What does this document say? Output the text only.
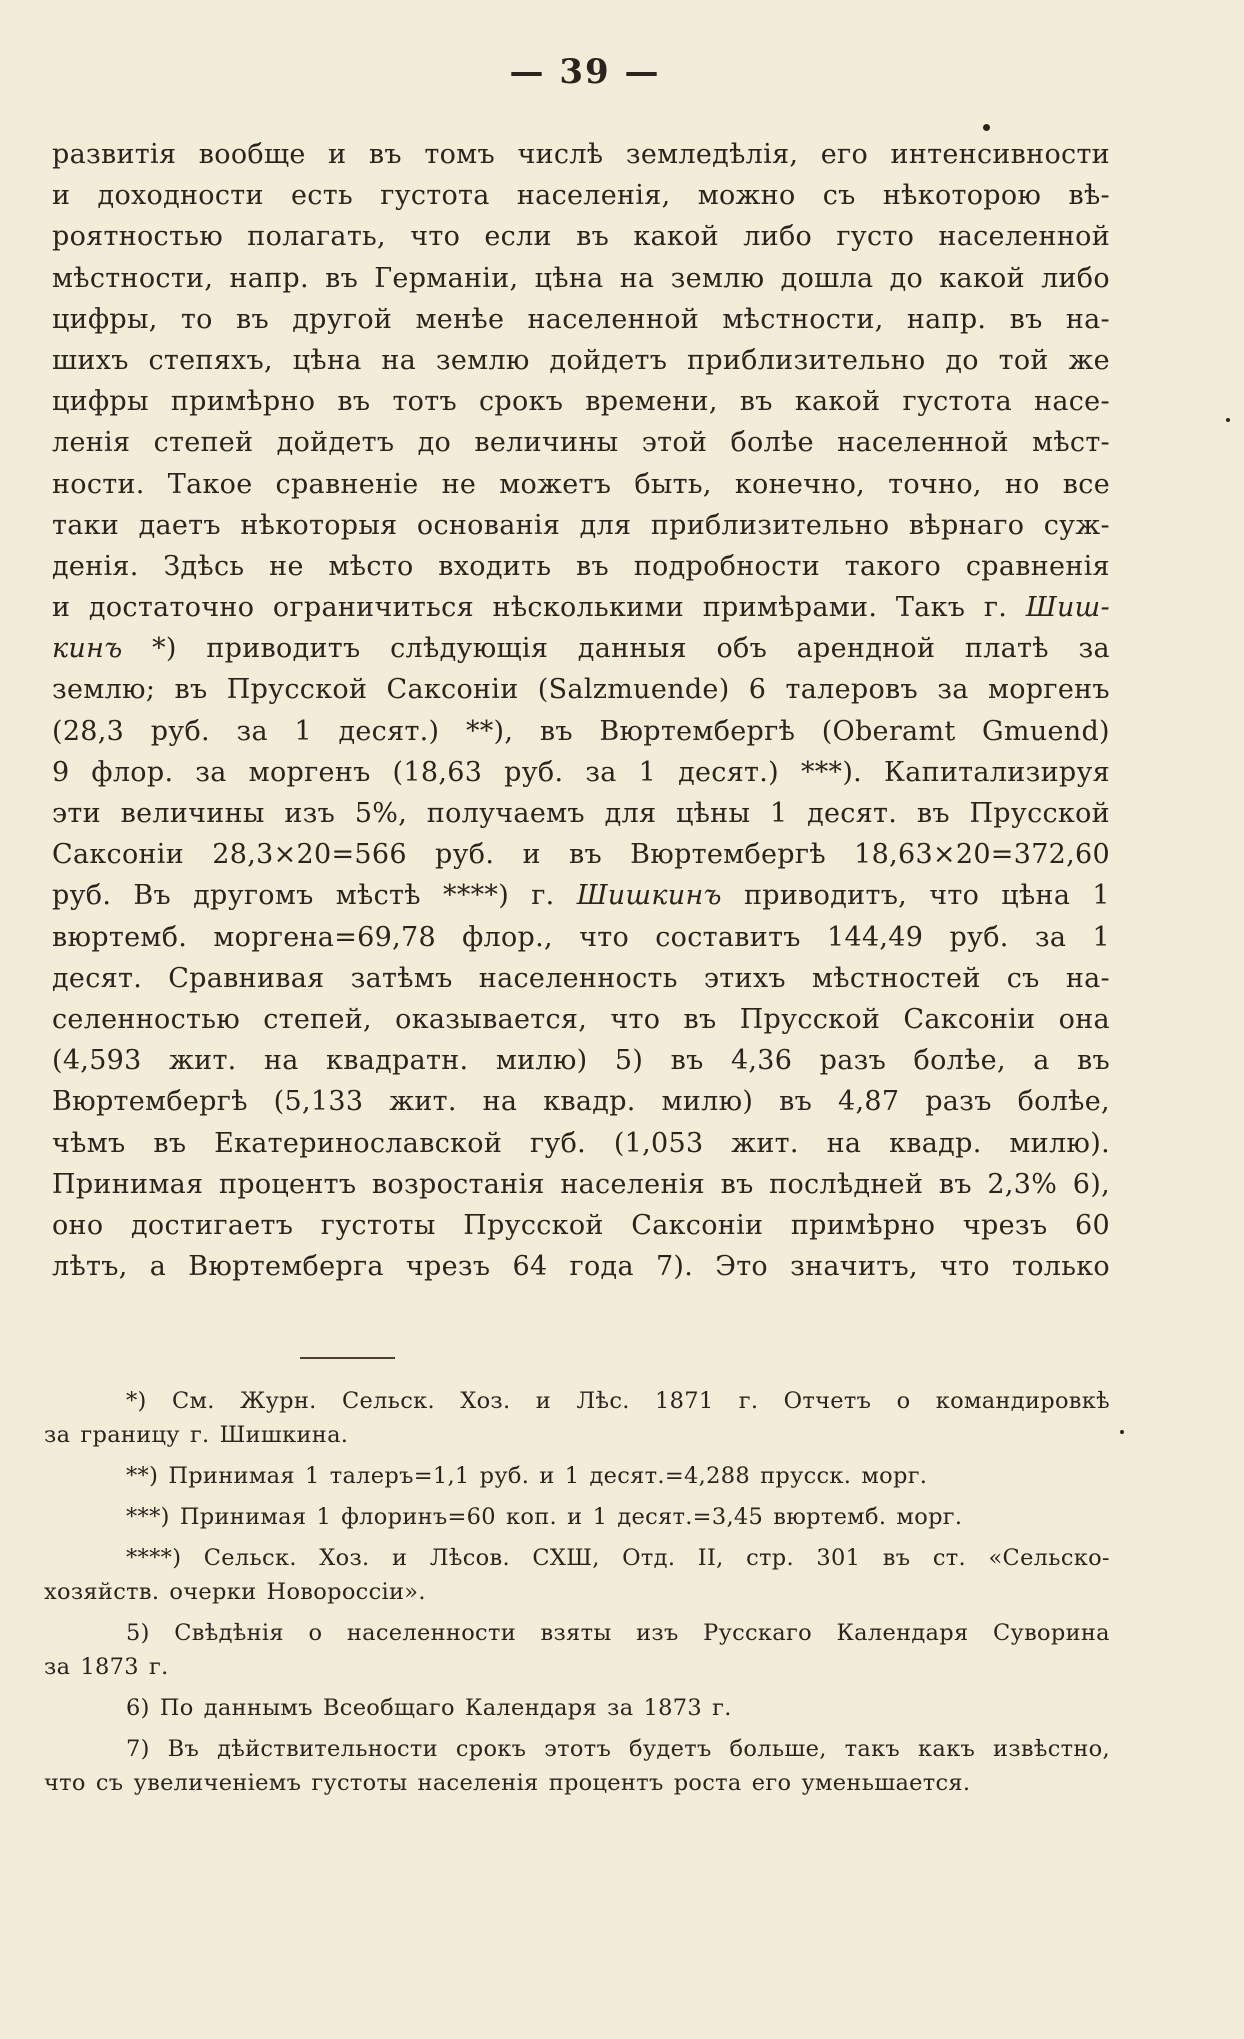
— 39 —
развитія вообще и въ томъ числѣ земледѣлія, его интенсивности
и доходности есть густота населенія, можно съ нѣкоторою вѣ-
роятностью полагать, что если въ какой либо густо населенной
мѣстности, напр. въ Германіи, цѣна на землю дошла до какой либо
цифры, то въ другой менѣе населенной мѣстности, напр. въ на-
шихъ степяхъ, цѣна на землю дойдетъ приблизительно до той же
цифры примѣрно въ тотъ срокъ времени, въ какой густота насе-
ленія степей дойдетъ до величины этой болѣе населенной мѣст-
ности. Такое сравненіе не можетъ быть, конечно, точно, но все
таки даетъ нѣкоторыя основанія для приблизительно вѣрнаго суж-
денія. Здѣсь не мѣсто входить въ подробности такого сравненія
и достаточно ограничиться нѣсколькими примѣрами. Такъ г. Шиш-
кинъ *) приводитъ слѣдующія данныя объ арендной платѣ за
землю; въ Прусской Саксоніи (Salzmuende) 6 талеровъ за моргенъ
(28,3 руб. за 1 десят.) **), въ Вюртембергѣ (Oberamt Gmuend)
9 флор. за моргенъ (18,63 руб. за 1 десят.) ***). Капитализируя
эти величины изъ 5%, получаемъ для цѣны 1 десят. въ Прусской
Саксоніи 28,3×20=566 руб. и въ Вюртембергѣ 18,63×20=372,60
руб. Въ другомъ мѣстѣ ****) г. Шишкинъ приводитъ, что цѣна 1
вюртемб. моргена=69,78 флор., что составитъ 144,49 руб. за 1
десят. Сравнивая затѣмъ населенность этихъ мѣстностей съ на-
селенностью степей, оказывается, что въ Прусской Саксоніи она
(4,593 жит. на квадратн. милю) 5) въ 4,36 разъ болѣе, а въ
Вюртембергѣ (5,133 жит. на квадр. милю) въ 4,87 разъ болѣе,
чѣмъ въ Екатеринославской губ. (1,053 жит. на квадр. милю).
Принимая процентъ возростанія населенія въ послѣдней въ 2,3% 6),
оно достигаетъ густоты Прусской Саксоніи примѣрно чрезъ 60
лѣтъ, а Вюртемберга чрезъ 64 года 7). Это значитъ, что только
*) См. Журн. Сельск. Хоз. и Лѣс. 1871 г. Отчетъ о командировкѣ
за границу г. Шишкина.
**) Принимая 1 талеръ=1,1 руб. и 1 десят.=4,288 прусск. морг.
***) Принимая 1 флоринъ=60 коп. и 1 десят.=3,45 вюртемб. морг.
****) Сельск. Хоз. и Лѣсов. СХШ, Отд. II, стр. 301 въ ст. «Сельско-
хозяйств. очерки Новороссіи».
5) Свѣдѣнія о населенности взяты изъ Русскаго Календаря Суворина
за 1873 г.
6) По даннымъ Всеобщаго Календаря за 1873 г.
7) Въ дѣйствительности срокъ этотъ будетъ больше, такъ какъ извѣстно,
что съ увеличеніемъ густоты населенія процентъ роста его уменьшается.
